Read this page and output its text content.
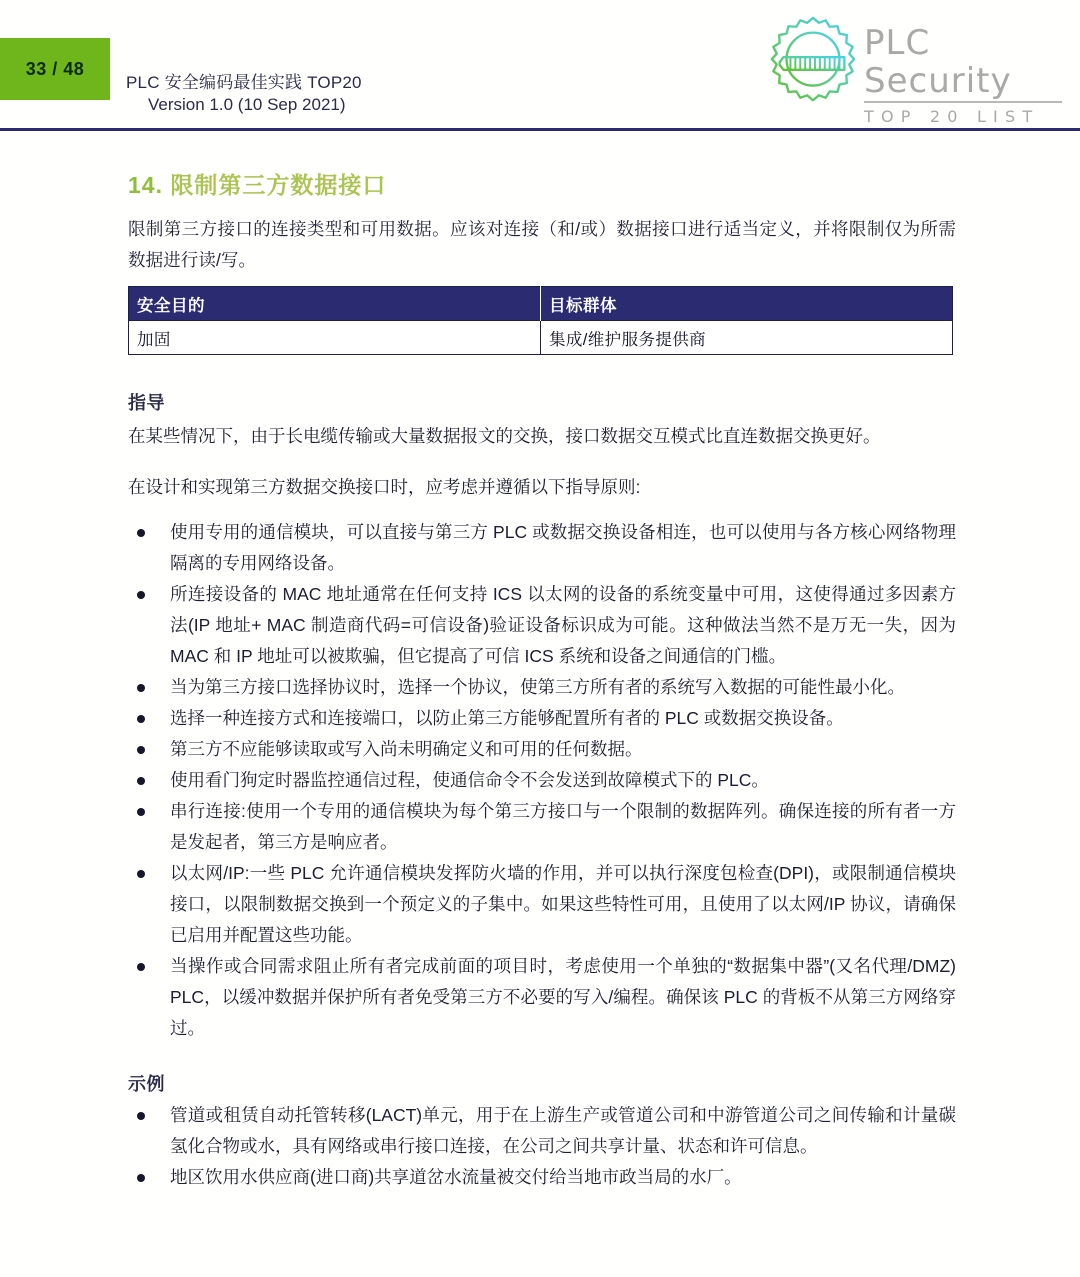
33 / 48
PLC 安全编码最佳实践 TOP20
Version 1.0 (10 Sep 2021)
PLC Security
TOP 20 LIST
14. 限制第三方数据接口

限制第三方接口的连接类型和可用数据。应该对连接（和/或）数据接口进行适当定义，并将限制仅为所需数据进行读/写。

安全目的	目标群体
加固	集成/维护服务提供商
指导

在某些情况下，由于长电缆传输或大量数据报文的交换，接口数据交互模式比直连数据交换更好。

在设计和实现第三方数据交换接口时，应考虑并遵循以下指导原则:

使用专用的通信模块，可以直接与第三方 PLC 或数据交换设备相连，也可以使用与各方核心网络物理隔离的专用网络设备。
所连接设备的 MAC 地址通常在任何支持 ICS 以太网的设备的系统变量中可用，这使得通过多因素方法(IP 地址+ MAC 制造商代码=可信设备)验证设备标识成为可能。这种做法当然不是万无一失，因为 MAC 和 IP 地址可以被欺骗，但它提高了可信 ICS 系统和设备之间通信的门槛。
当为第三方接口选择协议时，选择一个协议，使第三方所有者的系统写入数据的可能性最小化。
选择一种连接方式和连接端口，以防止第三方能够配置所有者的 PLC 或数据交换设备。
第三方不应能够读取或写入尚未明确定义和可用的任何数据。
使用看门狗定时器监控通信过程，使通信命令不会发送到故障模式下的 PLC。
串行连接:使用一个专用的通信模块为每个第三方接口与一个限制的数据阵列。确保连接的所有者一方是发起者，第三方是响应者。
以太网/IP:一些 PLC 允许通信模块发挥防火墙的作用，并可以执行深度包检查(DPI)，或限制通信模块接口，以限制数据交换到一个预定义的子集中。如果这些特性可用，且使用了以太网/IP 协议，请确保已启用并配置这些功能。
当操作或合同需求阻止所有者完成前面的项目时，考虑使用一个单独的“数据集中器”(又名代理/DMZ) PLC，以缓冲数据并保护所有者免受第三方不必要的写入/编程。确保该 PLC 的背板不从第三方网络穿过。
示例
管道或租赁自动托管转移(LACT)单元，用于在上游生产或管道公司和中游管道公司之间传输和计量碳氢化合物或水，具有网络或串行接口连接，在公司之间共享计量、状态和许可信息。
地区饮用水供应商(进口商)共享道岔水流量被交付给当地市政当局的水厂。
